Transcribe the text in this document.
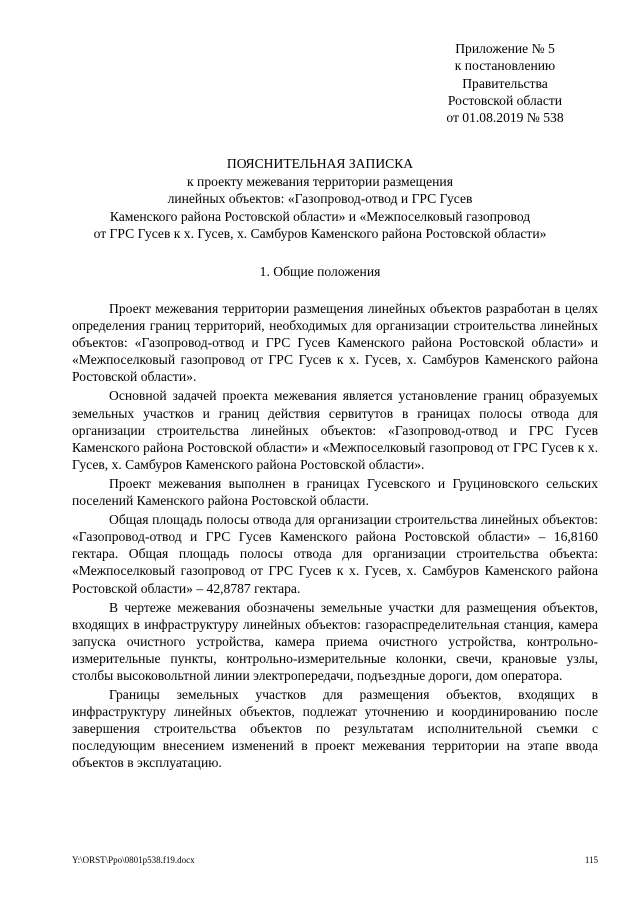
Приложение № 5
к постановлению
Правительства
Ростовской области
от 01.08.2019 № 538
ПОЯСНИТЕЛЬНАЯ ЗАПИСКА
к проекту межевания территории размещения
линейных объектов: «Газопровод-отвод и ГРС Гусев
Каменского района Ростовской области» и «Межпоселковый газопровод
от ГРС Гусев к х. Гусев, х. Самбуров Каменского района Ростовской области»
1. Общие положения

Проект межевания территории размещения линейных объектов разработан в целях определения границ территорий, необходимых для организации строительства линейных объектов: «Газопровод-отвод и ГРС Гусев Каменского района Ростовской области» и «Межпоселковый газопровод от ГРС Гусев к х. Гусев, х. Самбуров Каменского района Ростовской области».

Основной задачей проекта межевания является установление границ образуемых земельных участков и границ действия сервитутов в границах полосы отвода для организации строительства линейных объектов: «Газопровод-отвод и ГРС Гусев Каменского района Ростовской области» и «Межпоселковый газопровод от ГРС Гусев к х. Гусев, х. Самбуров Каменского района Ростовской области».

Проект межевания выполнен в границах Гусевского и Груциновского сельских поселений Каменского района Ростовской области.

Общая площадь полосы отвода для организации строительства линейных объектов: «Газопровод-отвод и ГРС Гусев Каменского района Ростовской области» – 16,8160 гектара. Общая площадь полосы отвода для организации строительства объекта: «Межпоселковый газопровод от ГРС Гусев к х. Гусев, х. Самбуров Каменского района Ростовской области» – 42,8787 гектара.

В чертеже межевания обозначены земельные участки для размещения объектов, входящих в инфраструктуру линейных объектов: газораспределительная станция, камера запуска очистного устройства, камера приема очистного устройства, контрольно-измерительные пункты, контрольно-измерительные колонки, свечи, крановые узлы, столбы высоковольтной линии электропередачи, подъездные дороги, дом оператора.

Границы земельных участков для размещения объектов, входящих в инфраструктуру линейных объектов, подлежат уточнению и координированию после завершения строительства объектов по результатам исполнительной съемки с последующим внесением изменений в проект межевания территории на этапе ввода объектов в эксплуатацию.

Y:\ORST\Ppo\0801p538.f19.docx	115
